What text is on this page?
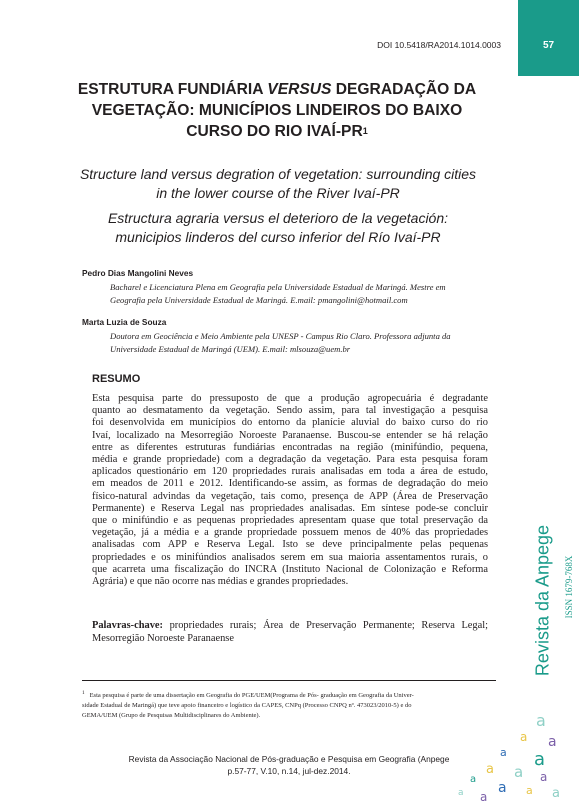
DOI 10.5418/RA2014.1014.0003	57
ESTRUTURA FUNDIÁRIA VERSUS DEGRADAÇÃO DA
VEGETAÇÃO: MUNICÍPIOS LINDEIROS DO BAIXO
CURSO DO RIO IVAÍ-$PR^1$
Structure land versus degration of vegetation: surrounding cities
in the lower course of the River Ivaí-PR
Estructura agraria versus el deterioro de la vegetación:
municipios linderos del curso inferior del Río Ivaí-PR
Pedro Dias Mangolini Neves
Bacharel e Licenciatura Plena em Geografia pela Universidade Estadual de Maringá. Mestre em
Geografia pela Universidade Estadual de Maringá. E.mail: pmangolini@hotmail.com
Marta Luzia de Souza
Doutora em Geociência e Meio Ambiente pela UNESP - Campus Rio Claro. Professora adjunta da
Universidade Estadual de Maringá (UEM). E.mail: mlsouza@uem.br
RESUMO
Esta pesquisa parte do pressuposto de que a produção agropecuária é degradante
quanto ao desmatamento da vegetação. Sendo assim, para tal investigação a pesquisa
foi desenvolvida em municípios do entorno da planície aluvial do baixo curso do rio
Ivaí, localizado na Mesorregião Noroeste Paranaense. Buscou-se entender se há relação
entre as diferentes estruturas fundiárias encontradas na região (minifúndio, pequena,
média e grande propriedade) com a degradação da vegetação. Para esta pesquisa foram
aplicados questionário em 120 propriedades rurais analisadas em toda a área de estudo,
em meados de 2011 e 2012. Identificando-se assim, as formas de degradação do meio
físico-natural advindas da vegetação, tais como, presença de APP (Área de Preservação
Permanente) e Reserva Legal nas propriedades analisadas. Em síntese pode-se concluir
que o minifúndio e as pequenas propriedades apresentam quase que total preservação da
vegetação, já a média e a grande propriedade possuem menos de 40% das propriedades
analisadas com APP e Reserva Legal. Isto se deve principalmente pelas pequenas
propriedades e os minifúndios analisados serem em sua maioria assentamentos rurais, o
que acarreta uma fiscalização do INCRA (Instituto Nacional de Colonização e Reforma
Agrária) e que não ocorre nas médias e grandes propriedades.
Palavras-chave: propriedades rurais; Área de Preservação Permanente; Reserva Legal;
Mesorregião Noroeste Paranaense
$^1$ Esta pesquisa é parte de uma dissertação em Geografia do PGE/UEM(Programa de Pós- graduação em Geografia da Univer-
sidade Estadual de Maringá) que teve apoio financeiro e logístico da CAPES, CNPq (Processo CNPQ nº. 473023/2010-5) e do
GEMA/UEM (Grupo de Pesquisas Multidisciplinares do Ambiente).
Revista da Associação Nacional de Pós-graduação e Pesquisa em Geografia (Anpege
p.57-77, V.10, n.14, jul-dez.2014.
Revista da Anpege ISSN 1679-768X
a
a a
a a
a a a
a
a a a
a
a
